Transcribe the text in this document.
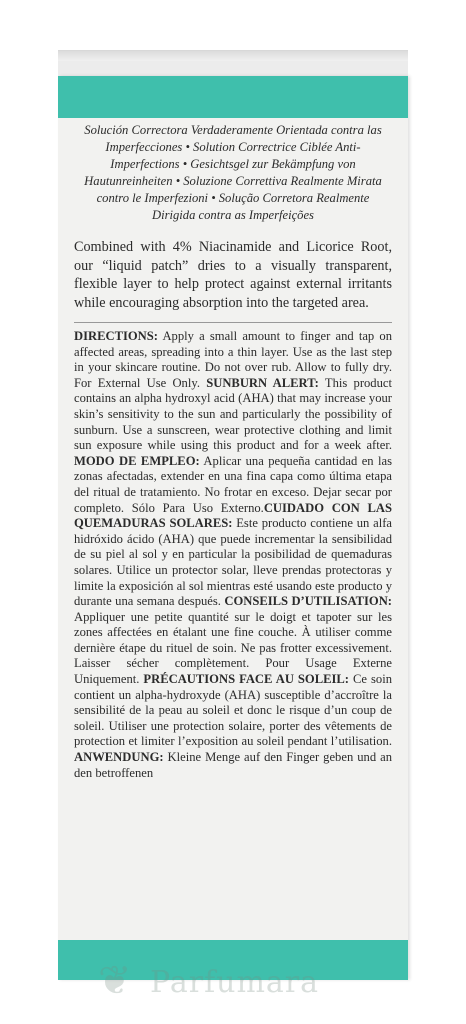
Solución Correctora Verdaderamente Orientada contra las Imperfecciones • Solution Correctrice Ciblée Anti-Imperfections • Gesichtsgel zur Bekämpfung von Hautunreinheiten • Soluzione Correttiva Realmente Mirata contro le Imperfezioni • Solução Corretora Realmente Dirigida contra as Imperfeições

Combined with 4% Niacinamide and Licorice Root, our “liquid patch” dries to a visually transparent, flexible layer to help protect against external irritants while encouraging absorption into the targeted area.

DIRECTIONS: Apply a small amount to finger and tap on affected areas, spreading into a thin layer. Use as the last step in your skincare routine. Do not over rub. Allow to fully dry. For External Use Only. SUNBURN ALERT: This product contains an alpha hydroxyl acid (AHA) that may increase your skin’s sensitivity to the sun and particularly the possibility of sunburn. Use a sunscreen, wear protective clothing and limit sun exposure while using this product and for a week after. MODO DE EMPLEO: Aplicar una pequeña cantidad en las zonas afectadas, extender en una fina capa como última etapa del ritual de tratamiento. No frotar en exceso. Dejar secar por completo. Sólo Para Uso Externo.CUIDADO CON LAS QUEMADURAS SOLARES: Este producto contiene un alfa hidróxido ácido (AHA) que puede incrementar la sensibilidad de su piel al sol y en particular la posibilidad de quemaduras solares. Utilice un protector solar, lleve prendas protectoras y limite la exposición al sol mientras esté usando este producto y durante una semana después. CONSEILS D’UTILISATION: Appliquer une petite quantité sur le doigt et tapoter sur les zones affectées en étalant une fine couche. À utiliser comme dernière étape du rituel de soin. Ne pas frotter excessivement. Laisser sécher complètement. Pour Usage Externe Uniquement. PRÉCAUTIONS FACE AU SOLEIL: Ce soin contient un alpha-hydroxyde (AHA) susceptible d’accroître la sensibilité de la peau au soleil et donc le risque d’un coup de soleil. Utiliser une protection solaire, porter des vêtements de protection et limiter l’exposition au soleil pendant l’utilisation. ANWENDUNG: Kleine Menge auf den Finger geben und an den betroffenen

❦ Parfumara
